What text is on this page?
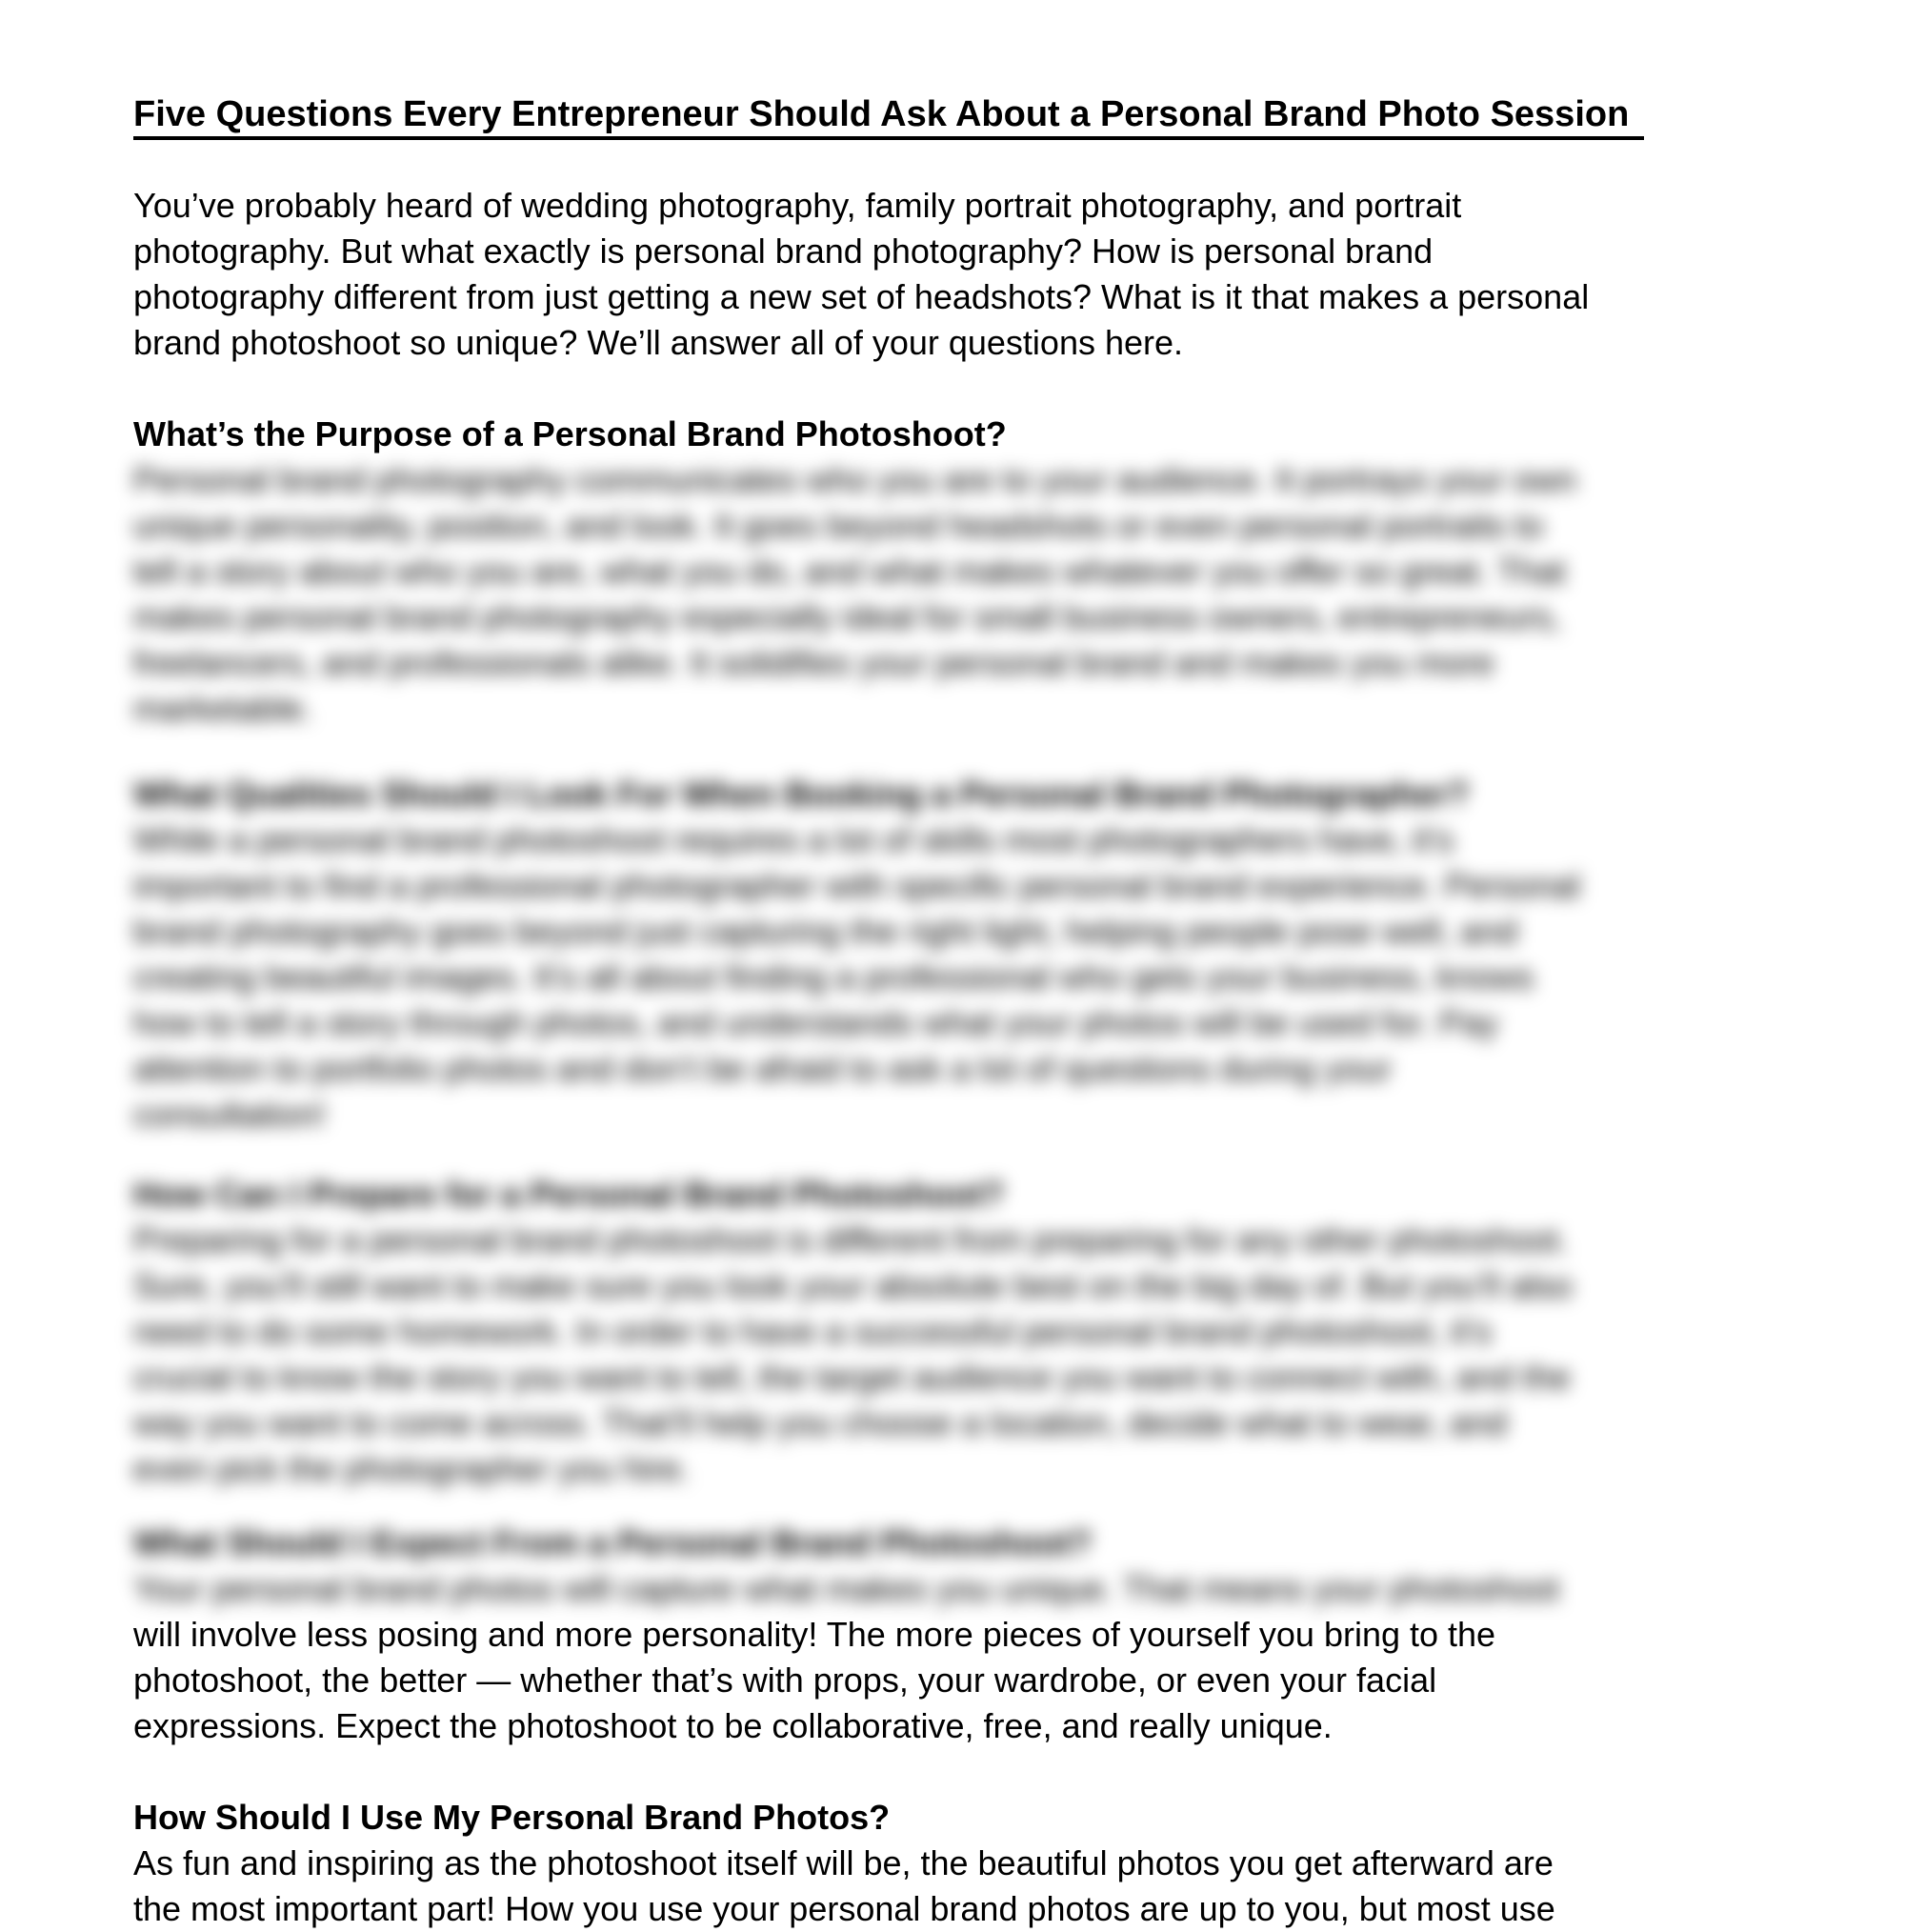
Five Questions Every Entrepreneur Should Ask About a Personal Brand Photo Session

You’ve probably heard of wedding photography, family portrait photography, and portrait
photography. But what exactly is personal brand photography? How is personal brand
photography different from just getting a new set of headshots? What is it that makes a personal
brand photoshoot so unique? We’ll answer all of your questions here.

What’s the Purpose of a Personal Brand Photoshoot?

Personal brand photography communicates who you are to your audience. It portrays your own
unique personality, position, and look. It goes beyond headshots or even personal portraits to
tell a story about who you are, what you do, and what makes whatever you offer so great. That
makes personal brand photography especially ideal for small business owners, entrepreneurs,
freelancers, and professionals alike. It solidifies your personal brand and makes you more
marketable.

What Qualities Should I Look For When Booking a Personal Brand Photographer?

While a personal brand photoshoot requires a lot of skills most photographers have, it’s
important to find a professional photographer with specific personal brand experience. Personal
brand photography goes beyond just capturing the right light, helping people pose well, and
creating beautiful images. It’s all about finding a professional who gets your business, knows
how to tell a story through photos, and understands what your photos will be used for. Pay
attention to portfolio photos and don’t be afraid to ask a lot of questions during your
consultation!

How Can I Prepare for a Personal Brand Photoshoot?

Preparing for a personal brand photoshoot is different from preparing for any other photoshoot.
Sure, you’ll still want to make sure you look your absolute best on the big day of. But you’ll also
need to do some homework. In order to have a successful personal brand photoshoot, it’s
crucial to know the story you want to tell, the target audience you want to connect with, and the
way you want to come across. That’ll help you choose a location, decide what to wear, and
even pick the photographer you hire.

What Should I Expect From a Personal Brand Photoshoot?

Your personal brand photos will capture what makes you unique. That means your photoshoot

will involve less posing and more personality! The more pieces of yourself you bring to the
photoshoot, the better — whether that’s with props, your wardrobe, or even your facial
expressions. Expect the photoshoot to be collaborative, free, and really unique.

How Should I Use My Personal Brand Photos?

As fun and inspiring as the photoshoot itself will be, the beautiful photos you get afterward are
the most important part! How you use your personal brand photos are up to you, but most use
